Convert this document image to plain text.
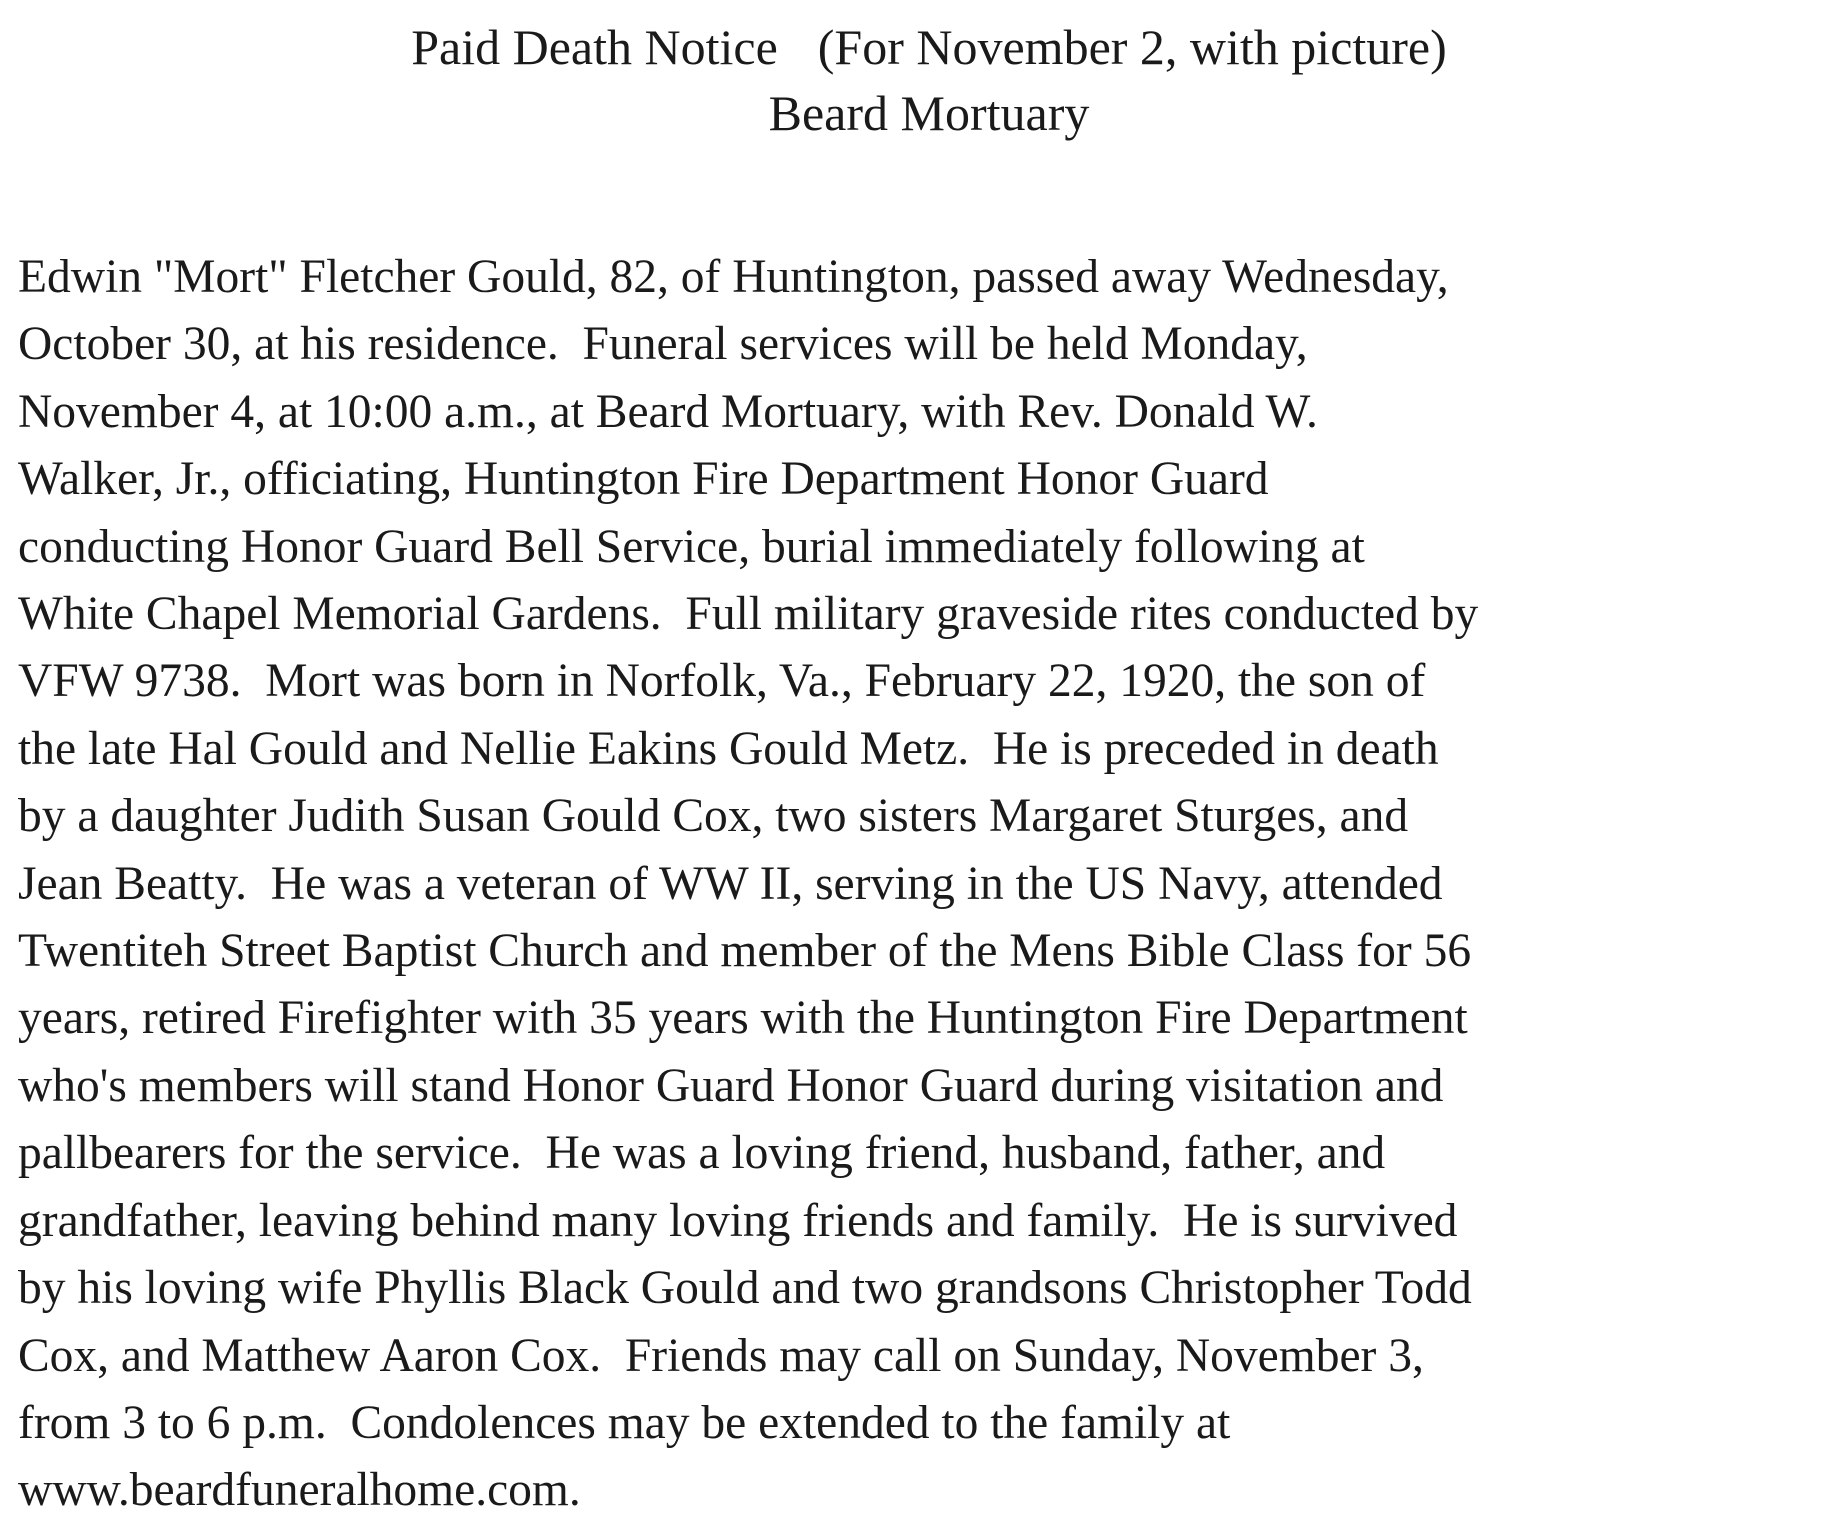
Paid Death Notice (For November 2, with picture)
Beard Mortuary
Edwin "Mort" Fletcher Gould, 82, of Huntington, passed away Wednesday,
October 30, at his residence.  Funeral services will be held Monday,
November 4, at 10:00 a.m., at Beard Mortuary, with Rev. Donald W.
Walker, Jr., officiating, Huntington Fire Department Honor Guard
conducting Honor Guard Bell Service, burial immediately following at
White Chapel Memorial Gardens.  Full military graveside rites conducted by
VFW 9738.  Mort was born in Norfolk, Va., February 22, 1920, the son of
the late Hal Gould and Nellie Eakins Gould Metz.  He is preceded in death
by a daughter Judith Susan Gould Cox, two sisters Margaret Sturges, and
Jean Beatty.  He was a veteran of WW II, serving in the US Navy, attended
Twentiteh Street Baptist Church and member of the Mens Bible Class for 56
years, retired Firefighter with 35 years with the Huntington Fire Department
who's members will stand Honor Guard Honor Guard during visitation and
pallbearers for the service.  He was a loving friend, husband, father, and
grandfather, leaving behind many loving friends and family.  He is survived
by his loving wife Phyllis Black Gould and two grandsons Christopher Todd
Cox, and Matthew Aaron Cox.  Friends may call on Sunday, November 3,
from 3 to 6 p.m.  Condolences may be extended to the family at
www.beardfuneralhome.com.
